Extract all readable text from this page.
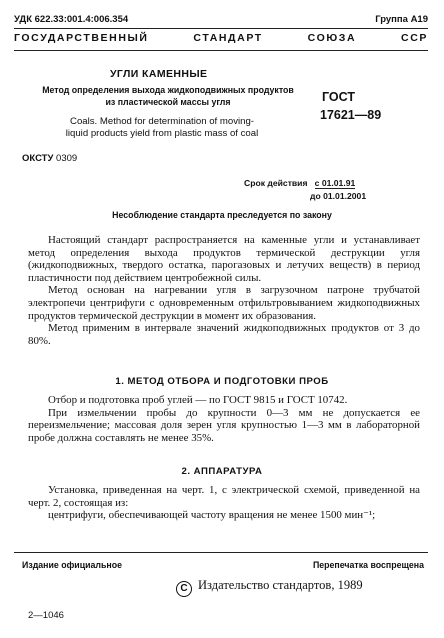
УДК 622.33:001.4:006.354	Группа А19
ГОСУДАРСТВЕННЫЙ СТАНДАРТ СОЮЗА ССР
УГЛИ КАМЕННЫЕ
Метод определения выхода жидкоподвижных продуктов из пластической массы угля
Coals. Method for determination of moving-liquid products yield from plastic mass of coal
ГОСТ
17621—89
ОКСТУ 0309
Срок действия с 01.01.91
до 01.01.2001
Несоблюдение стандарта преследуется по закону

Настоящий стандарт распространяется на каменные угли и устанавливает метод определения выхода продуктов термической деструкции угля (жидкоподвижных, твердого остатка, парогазовых и летучих веществ) в период пластичности под действием центробежной силы.

Метод основан на нагревании угля в загрузочном патроне трубчатой электропечи центрифуги с одновременным отфильтровыванием жидкоподвижных продуктов термической деструкции в момент их образования.

Метод применим в интервале значений жидкоподвижных продуктов от 3 до 80%.

1. МЕТОД ОТБОРА И ПОДГОТОВКИ ПРОБ

Отбор и подготовка проб углей — по ГОСТ 9815 и ГОСТ 10742.

При измельчении пробы до крупности 0—3 мм не допускается ее переизмельчение; массовая доля зерен угля крупностью 1—3 мм в лабораторной пробе должна составлять не менее 35%.

2. АППАРАТУРА

Установка, приведенная на черт. 1, с электрической схемой, приведенной на черт. 2, состоящая из:

центрифуги, обеспечивающей частоту вращения не менее 1500 мин⁻¹;

Издание официальное	Перепечатка воспрещена
C Издательство стандартов, 1989
2—1046
